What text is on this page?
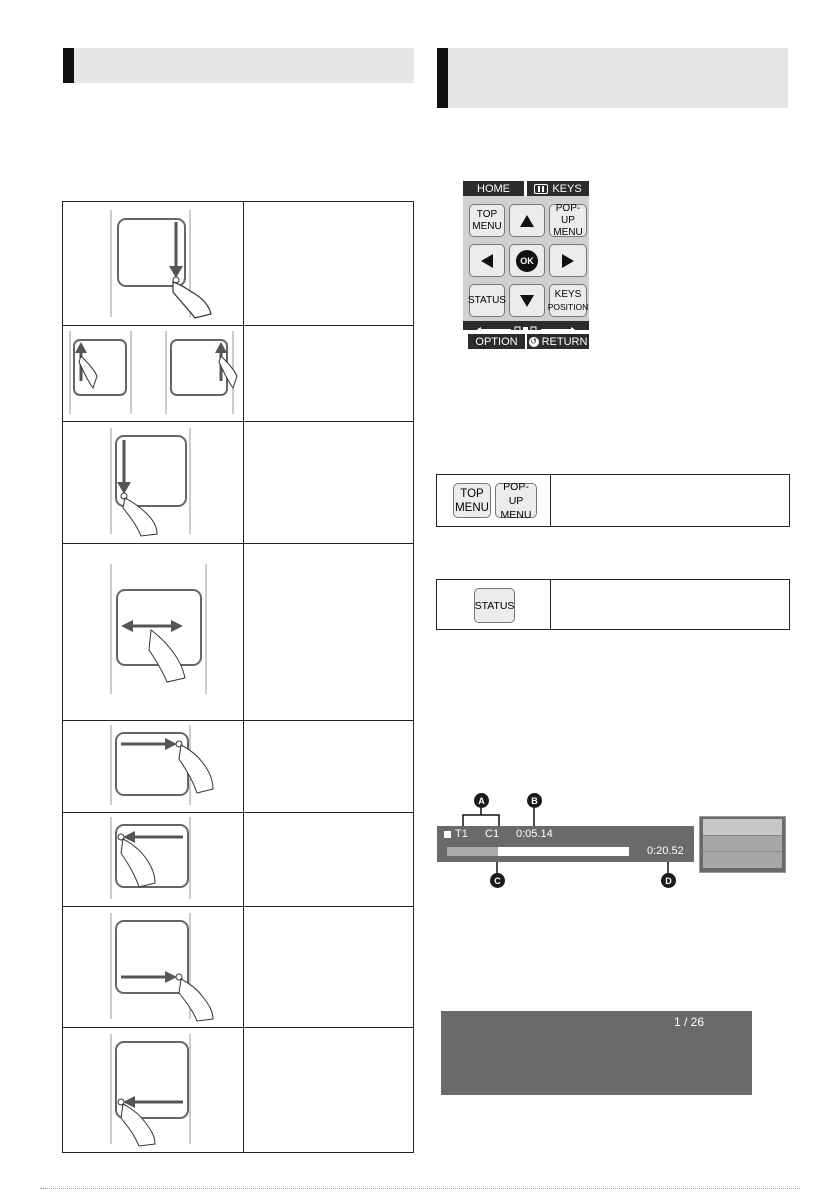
HOME	KEYS
TOP
MENU
POP-UP
MENU
OK
STATUS
KEYS
POSITION
OPTION ↺ RETURN
TOP
MENU
POP-UP
MENU
STATUS
A	B
T1 C1 0:05.14
0:20.52
C	D
1 / 26
